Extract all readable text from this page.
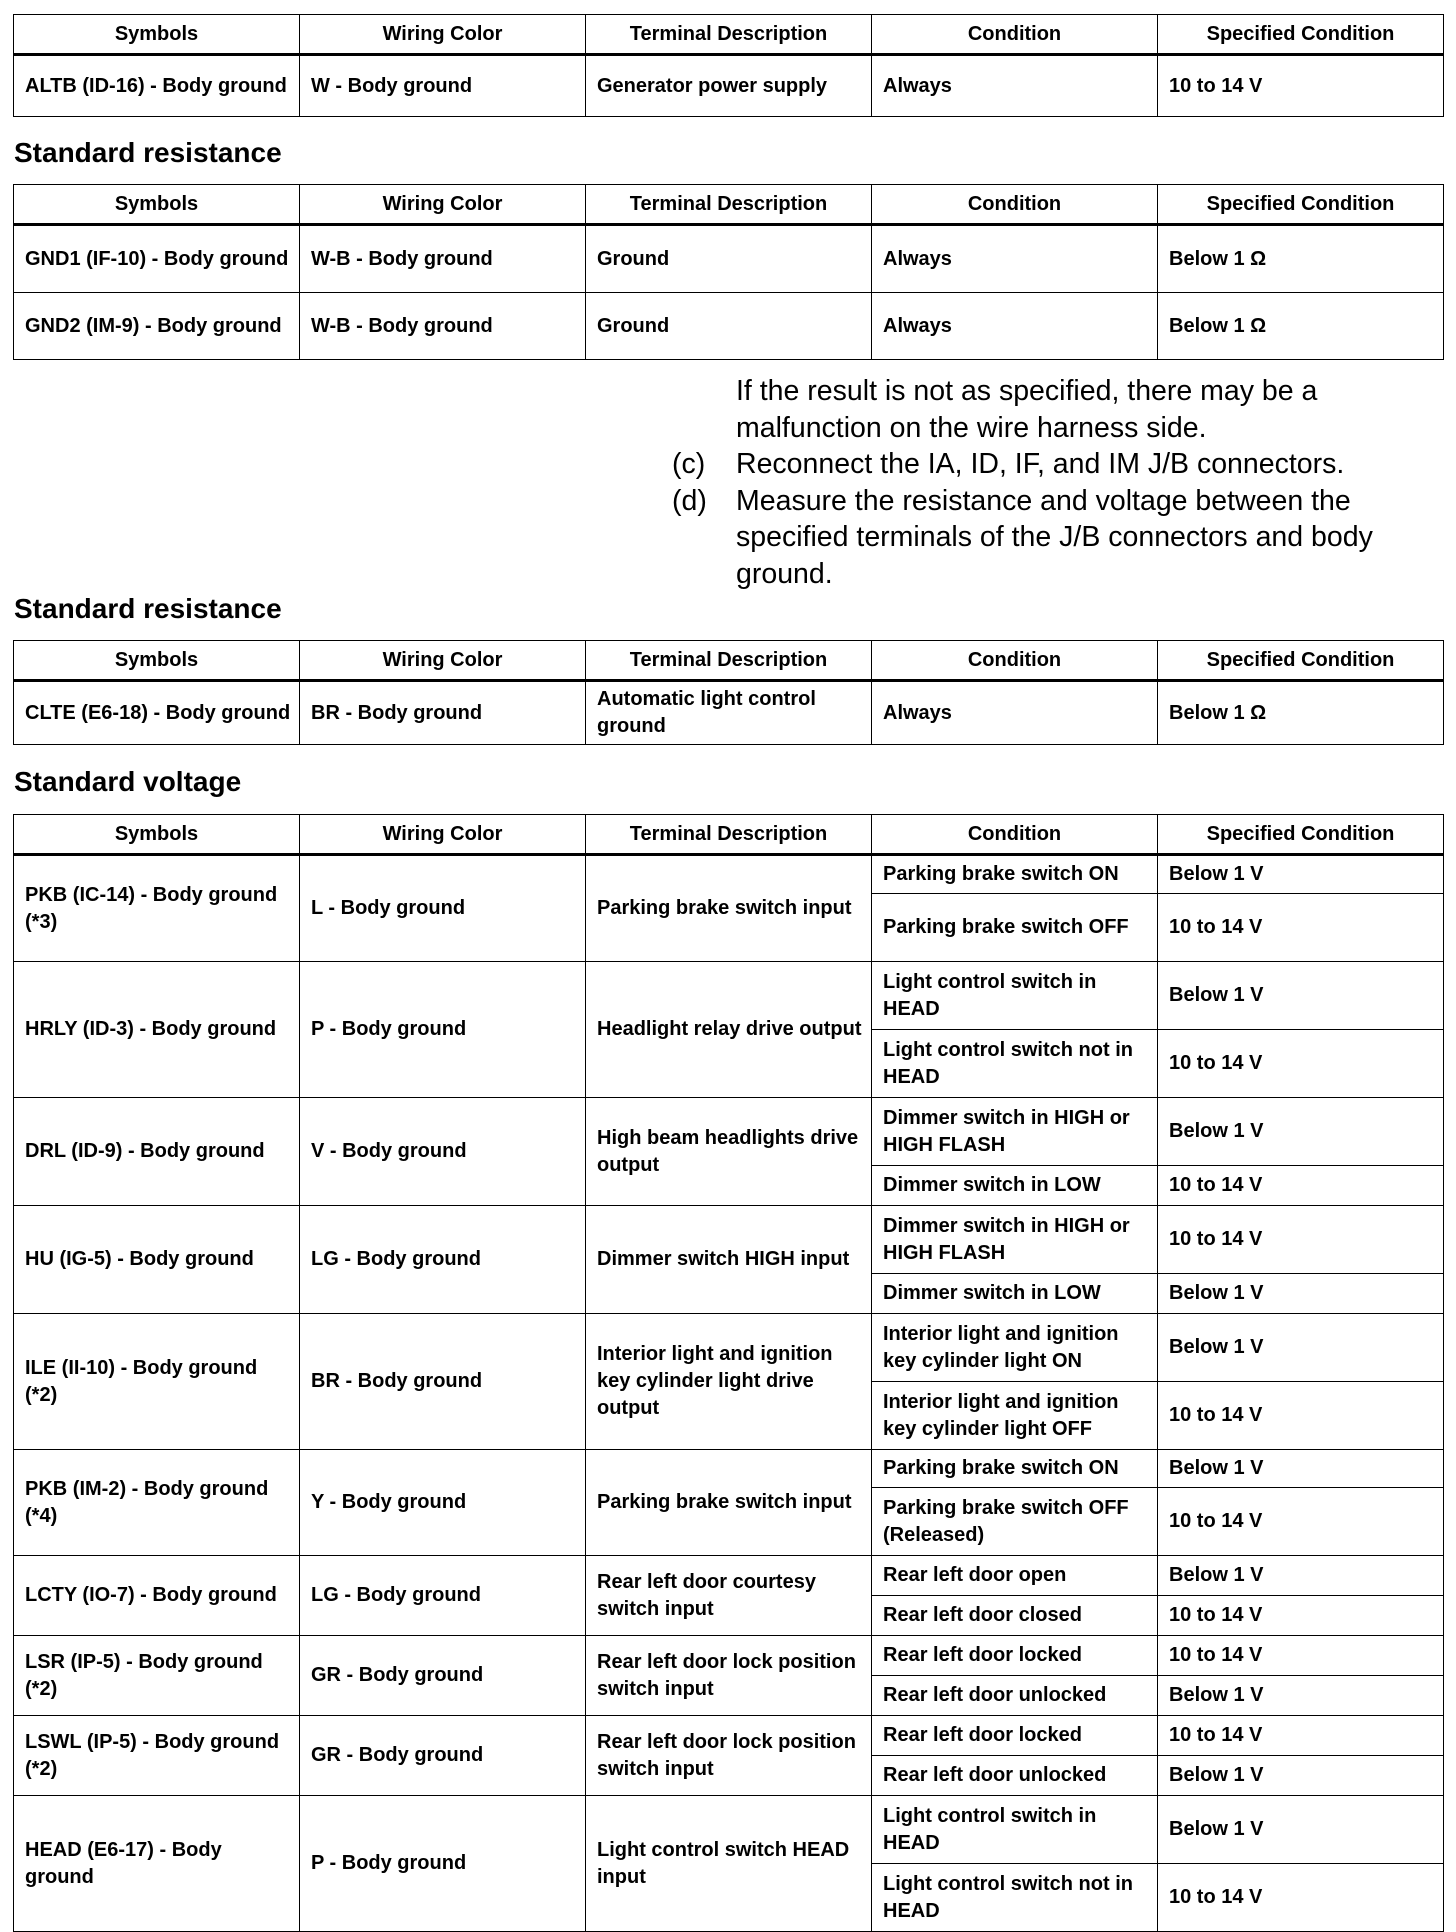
Symbols	Wiring Color	Terminal Description	Condition	Specified Condition
ALTB (ID-16) - Body ground	W - Body ground	Generator power supply	Always	10 to 14 V
Standard resistance
Symbols	Wiring Color	Terminal Description	Condition	Specified Condition
GND1 (IF-10) - Body ground	W-B - Body ground	Ground	Always	Below 1 Ω
GND2 (IM-9) - Body ground	W-B - Body ground	Ground	Always	Below 1 Ω
If the result is not as specified, there may be a malfunction on the wire harness side.
(c) Reconnect the IA, ID, IF, and IM J/B connectors.
(d) Measure the resistance and voltage between the specified terminals of the J/B connectors and body ground.
Standard resistance
Symbols	Wiring Color	Terminal Description	Condition	Specified Condition
CLTE (E6-18) - Body ground	BR - Body ground	Automatic light control ground	Always	Below 1 Ω
Standard voltage
Symbols	Wiring Color	Terminal Description	Condition	Specified Condition
PKB (IC-14) - Body ground (*3)	L - Body ground	Parking brake switch input	Parking brake switch ON	Below 1 V
			Parking brake switch OFF	10 to 14 V
HRLY (ID-3) - Body ground	P - Body ground	Headlight relay drive output	Light control switch in HEAD	Below 1 V
			Light control switch not in HEAD	10 to 14 V
DRL (ID-9) - Body ground	V - Body ground	High beam headlights drive output	Dimmer switch in HIGH or HIGH FLASH	Below 1 V
			Dimmer switch in LOW	10 to 14 V
HU (IG-5) - Body ground	LG - Body ground	Dimmer switch HIGH input	Dimmer switch in HIGH or HIGH FLASH	10 to 14 V
			Dimmer switch in LOW	Below 1 V
ILE (II-10) - Body ground (*2)	BR - Body ground	Interior light and ignition key cylinder light drive output	Interior light and ignition key cylinder light ON	Below 1 V
			Interior light and ignition key cylinder light OFF	10 to 14 V
PKB (IM-2) - Body ground (*4)	Y - Body ground	Parking brake switch input	Parking brake switch ON	Below 1 V
			Parking brake switch OFF (Released)	10 to 14 V
LCTY (IO-7) - Body ground	LG - Body ground	Rear left door courtesy switch input	Rear left door open	Below 1 V
			Rear left door closed	10 to 14 V
LSR (IP-5) - Body ground (*2)	GR - Body ground	Rear left door lock position switch input	Rear left door locked	10 to 14 V
			Rear left door unlocked	Below 1 V
LSWL (IP-5) - Body ground (*2)	GR - Body ground	Rear left door lock position switch input	Rear left door locked	10 to 14 V
			Rear left door unlocked	Below 1 V
HEAD (E6-17) - Body ground	P - Body ground	Light control switch HEAD input	Light control switch in HEAD	Below 1 V
			Light control switch not in HEAD	10 to 14 V
